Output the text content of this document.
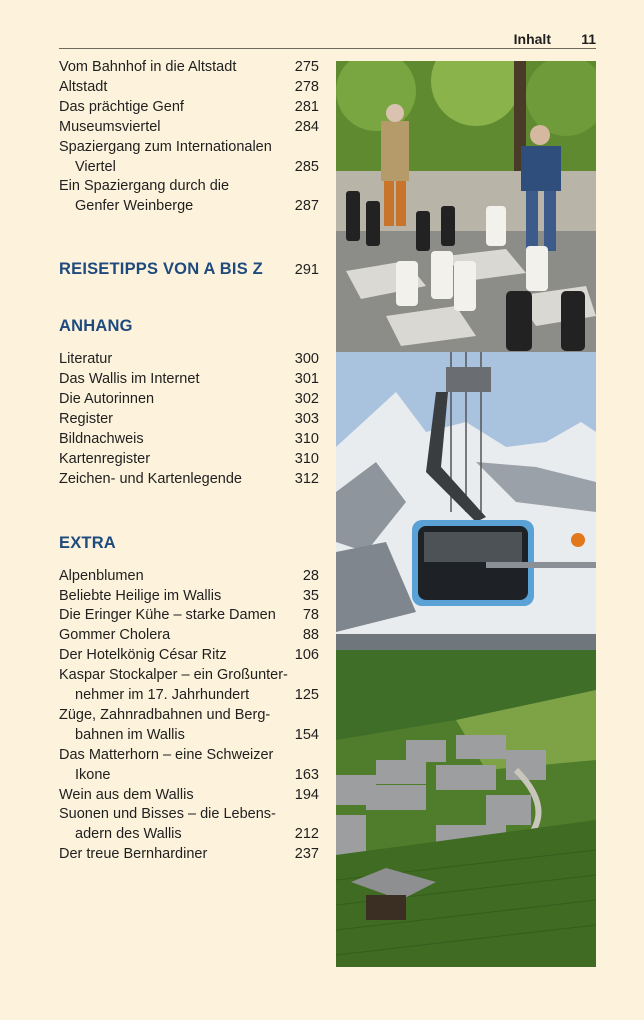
Inhalt 11
Vom Bahnhof in die Altstadt	275
Altstadt	278
Das prächtige Genf	281
Museumsviertel	284
Spaziergang zum Internationalen
Viertel	285
Ein Spaziergang durch die
Genfer Weinberge	287
REISETIPPS VON A BIS Z 291
ANHANG
Literatur	300
Das Wallis im Internet	301
Die Autorinnen	302
Register	303
Bildnachweis	310
Kartenregister	310
Zeichen- und Kartenlegende	312
EXTRA
Alpenblumen	28
Beliebte Heilige im Wallis	35
Die Eringer Kühe – starke Damen 78
Gommer Cholera	88
Der Hotelkönig César Ritz	106
Kaspar Stockalper – ein Großunter-
nehmer im 17. Jahrhundert	125
Züge, Zahnradbahnen und Berg-
bahnen im Wallis	154
Das Matterhorn – eine Schweizer
Ikone	163
Wein aus dem Wallis	194
Suonen und Bisses – die Lebens-
adern des Wallis	212
Der treue Bernhardiner	237
